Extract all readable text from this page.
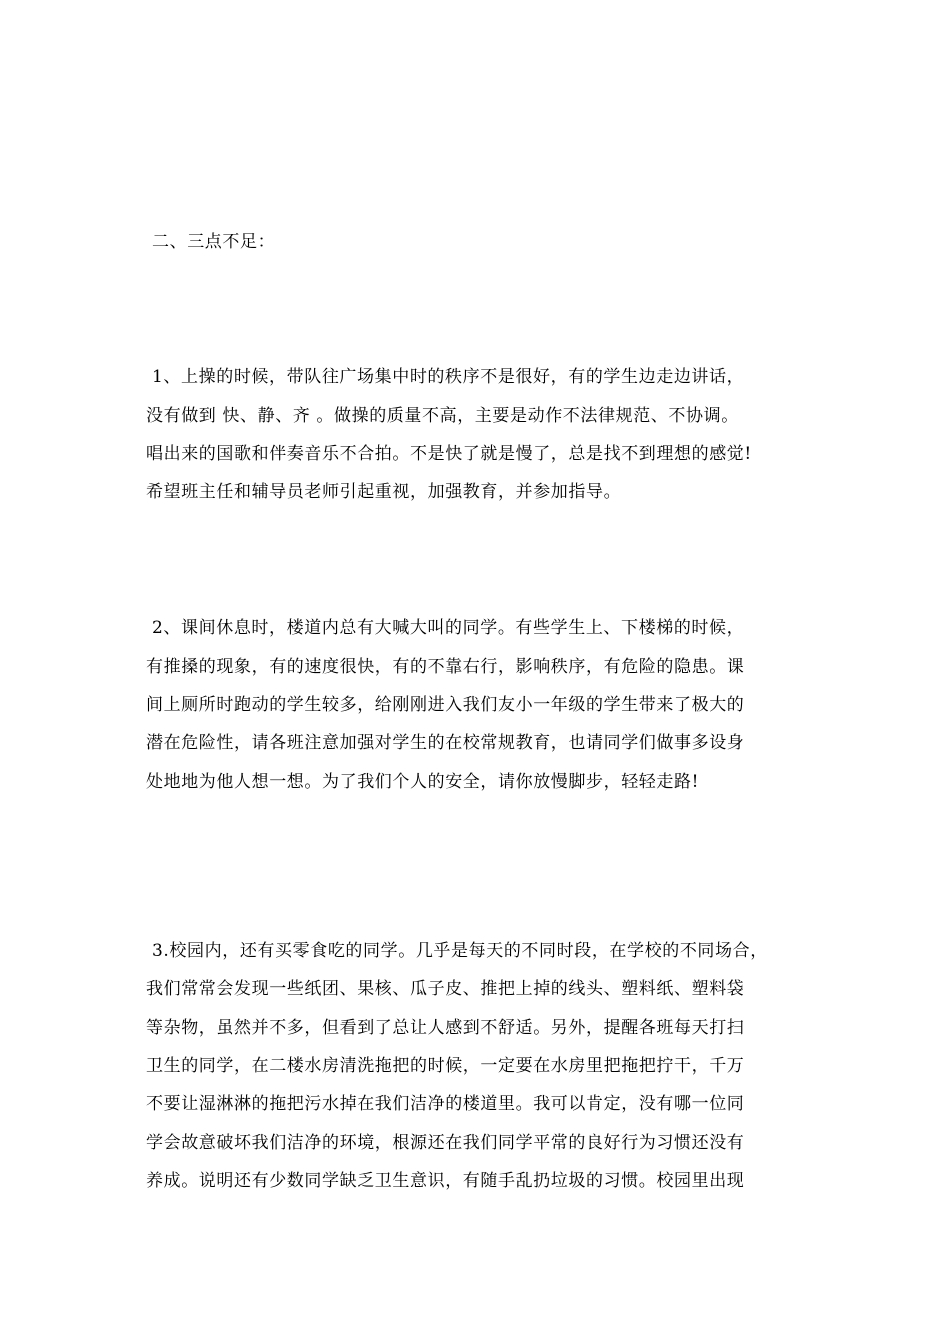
二、三点不足：
1、上操的时候，带队往广场集中时的秩序不是很好，有的学生边走边讲话，
没有做到 快、静、齐 。做操的质量不高，主要是动作不法律规范、不协调。
唱出来的国歌和伴奏音乐不合拍。不是快了就是慢了，总是找不到理想的感觉!
希望班主任和辅导员老师引起重视，加强教育，并参加指导。
2、课间休息时，楼道内总有大喊大叫的同学。有些学生上、下楼梯的时候，
有推搡的现象，有的速度很快，有的不靠右行，影响秩序，有危险的隐患。课
间上厕所时跑动的学生较多，给刚刚进入我们友小一年级的学生带来了极大的
潜在危险性，请各班注意加强对学生的在校常规教育，也请同学们做事多设身
处地地为他人想一想。为了我们个人的安全，请你放慢脚步，轻轻走路!
3.校园内，还有买零食吃的同学。几乎是每天的不同时段，在学校的不同场合，
我们常常会发现一些纸团、果核、瓜子皮、推把上掉的线头、塑料纸、塑料袋
等杂物，虽然并不多，但看到了总让人感到不舒适。另外，提醒各班每天打扫
卫生的同学，在二楼水房清洗拖把的时候，一定要在水房里把拖把拧干，千万
不要让湿淋淋的拖把污水掉在我们洁净的楼道里。我可以肯定，没有哪一位同
学会故意破坏我们洁净的环境，根源还在我们同学平常的良好行为习惯还没有
养成。说明还有少数同学缺乏卫生意识，有随手乱扔垃圾的习惯。校园里出现
